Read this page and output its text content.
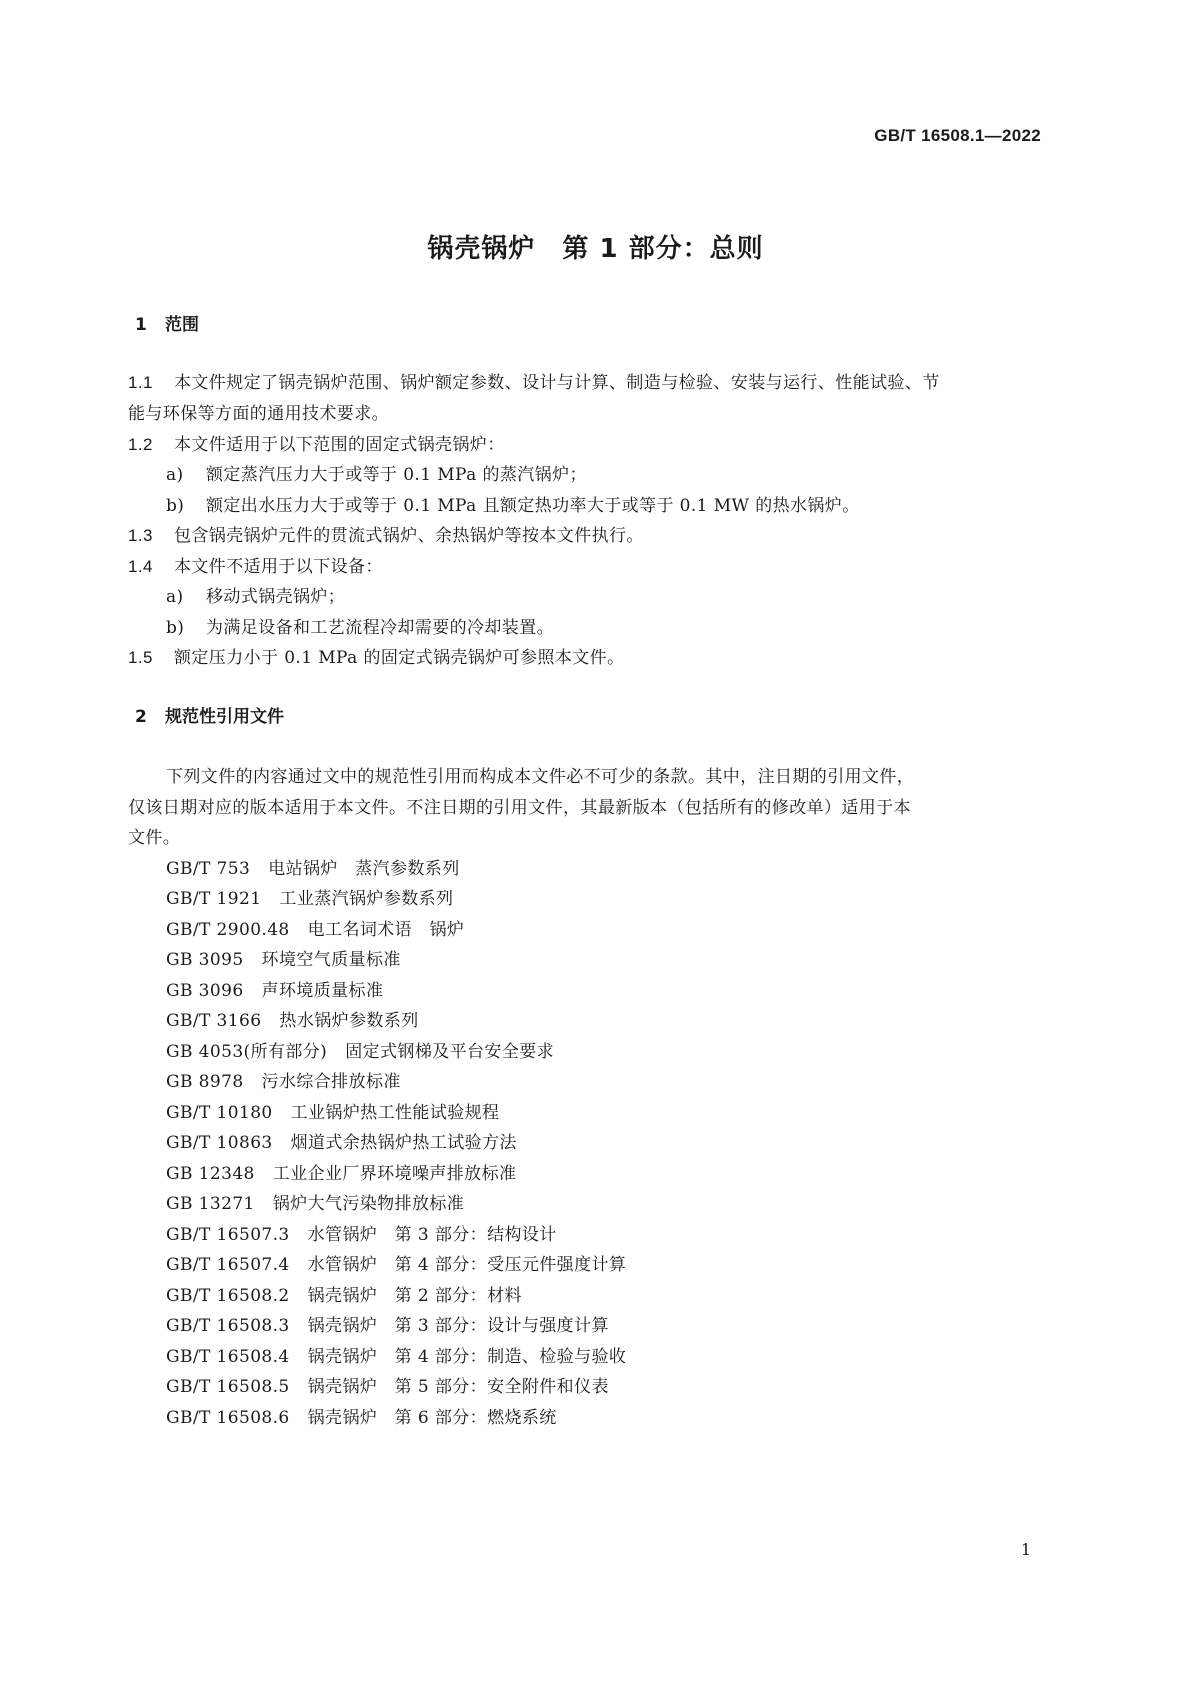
GB/T 16508.1—2022
锅壳锅炉　第 1 部分：总则
1 范围
1.1 本文件规定了锅壳锅炉范围、锅炉额定参数、设计与计算、制造与检验、安装与运行、性能试验、节
能与环保等方面的通用技术要求。
1.2 本文件适用于以下范围的固定式锅壳锅炉：
a) 额定蒸汽压力大于或等于 0.1 MPa 的蒸汽锅炉；
b) 额定出水压力大于或等于 0.1 MPa 且额定热功率大于或等于 0.1 MW 的热水锅炉。
1.3 包含锅壳锅炉元件的贯流式锅炉、余热锅炉等按本文件执行。
1.4 本文件不适用于以下设备：
a) 移动式锅壳锅炉；
b) 为满足设备和工艺流程冷却需要的冷却装置。
1.5 额定压力小于 0.1 MPa 的固定式锅壳锅炉可参照本文件。
2 规范性引用文件
下列文件的内容通过文中的规范性引用而构成本文件必不可少的条款。其中，注日期的引用文件，
仅该日期对应的版本适用于本文件。不注日期的引用文件，其最新版本（包括所有的修改单）适用于本
文件。
GB/T 753 电站锅炉　蒸汽参数系列
GB/T 1921 工业蒸汽锅炉参数系列
GB/T 2900.48 电工名词术语　锅炉
GB 3095 环境空气质量标准
GB 3096 声环境质量标准
GB/T 3166 热水锅炉参数系列
GB 4053(所有部分) 固定式钢梯及平台安全要求
GB 8978 污水综合排放标准
GB/T 10180 工业锅炉热工性能试验规程
GB/T 10863 烟道式余热锅炉热工试验方法
GB 12348 工业企业厂界环境噪声排放标准
GB 13271 锅炉大气污染物排放标准
GB/T 16507.3 水管锅炉　第 3 部分：结构设计
GB/T 16507.4 水管锅炉　第 4 部分：受压元件强度计算
GB/T 16508.2 锅壳锅炉　第 2 部分：材料
GB/T 16508.3 锅壳锅炉　第 3 部分：设计与强度计算
GB/T 16508.4 锅壳锅炉　第 4 部分：制造、检验与验收
GB/T 16508.5 锅壳锅炉　第 5 部分：安全附件和仪表
GB/T 16508.6 锅壳锅炉　第 6 部分：燃烧系统
1
